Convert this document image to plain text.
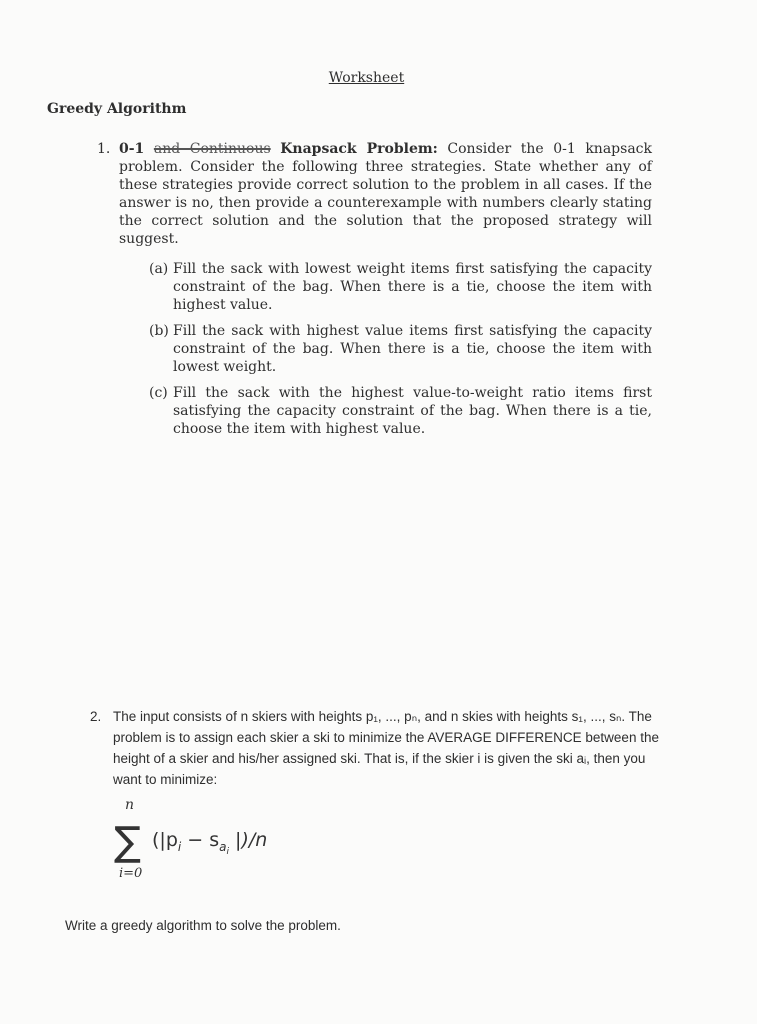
Worksheet
Greedy Algorithm
1. 0-1 and Continuous Knapsack Problem: Consider the 0-1 knapsack problem. Consider the following three strategies. State whether any of these strategies provide correct solution to the problem in all cases. If the answer is no, then provide a counterexample with numbers clearly stating the correct solution and the solution that the proposed strategy will suggest.
(a) Fill the sack with lowest weight items first satisfying the capacity constraint of the bag. When there is a tie, choose the item with highest value.
(b) Fill the sack with highest value items first satisfying the capacity constraint of the bag. When there is a tie, choose the item with lowest weight.
(c) Fill the sack with the highest value-to-weight ratio items first satisfying the capacity constraint of the bag. When there is a tie, choose the item with highest value.
2. The input consists of n skiers with heights p₁, ..., pₙ, and n skies with heights s₁, ..., sₙ. The problem is to assign each skier a ski to minimize the AVERAGE DIFFERENCE between the height of a skier and his/her assigned ski. That is, if the skier i is given the ski aᵢ, then you want to minimize:
n
∑
i=0
($|p_i - s_ai$ |)/n
Write a greedy algorithm to solve the problem.
